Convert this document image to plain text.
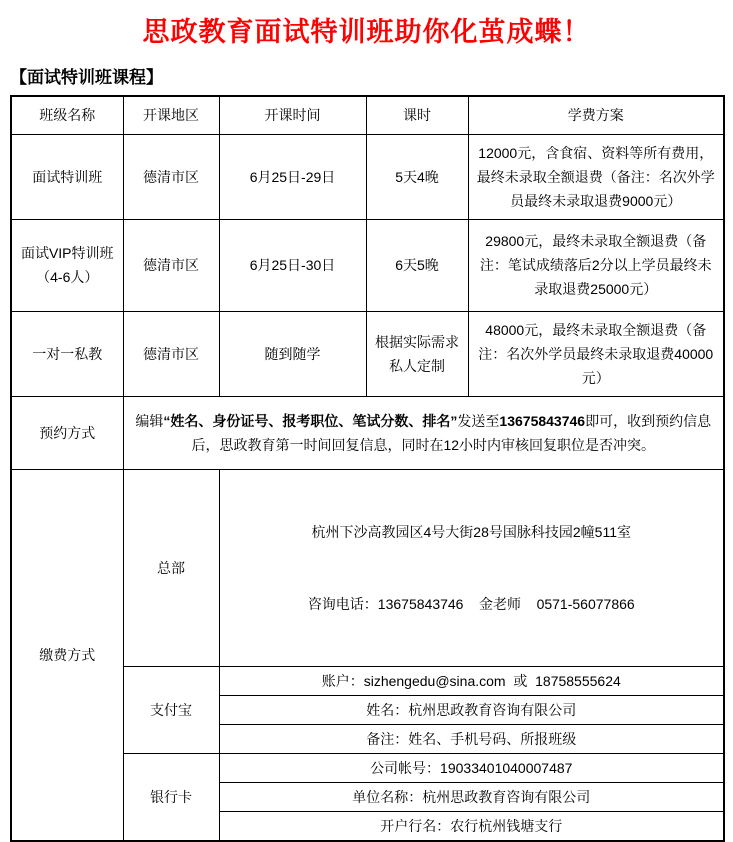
思政教育面试特训班助你化茧成蝶！
【面试特训班课程】
班级名称	开课地区	开课时间	课时	学费方案
面试特训班	德清市区	6月25日-29日	5天4晚	12000元，含食宿、资料等所有费用，最终未录取全额退费（备注：名次外学员最终未录取退费9000元）
面试VIP特训班（4-6人）	德清市区	6月25日-30日	6天5晚	29800元，最终未录取全额退费（备注：笔试成绩落后2分以上学员最终未录取退费25000元）
一对一私教	德清市区	随到随学	根据实际需求私人定制	48000元，最终未录取全额退费（备注：名次外学员最终未录取退费40000元）
预约方式	编辑“姓名、身份证号、报考职位、笔试分数、排名”发送至13675843746即可，收到预约信息后，思政教育第一时间回复信息，同时在12小时内审核回复职位是否冲突。			
缴费方式	总部	杭州下沙高教园区4号大街28号国脉科技园2幢511室

咨询电话：13675843746    金老师    0571-56077866		

	支付宝	账户：sizhengedu@sina.com  或  18758555624		
		姓名：杭州思政教育咨询有限公司		
		备注：姓名、手机号码、所报班级		
	银行卡	公司帐号：19033401040007487		
		单位名称：杭州思政教育咨询有限公司		
		开户行名：农行杭州钱塘支行		
